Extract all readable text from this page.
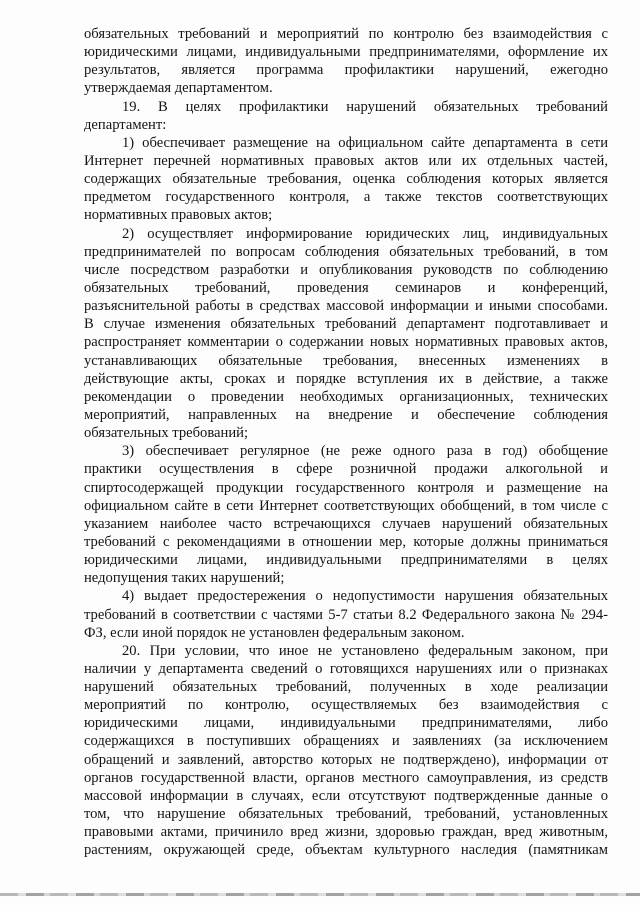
обязательных требований и мероприятий по контролю без взаимодействия с
юридическими лицами, индивидуальными предпринимателями, оформление их
результатов, является программа профилактики нарушений, ежегодно
утверждаемая департаментом.
19. В целях профилактики нарушений обязательных требований
департамент:
1) обеспечивает размещение на официальном сайте департамента в сети
Интернет перечней нормативных правовых актов или их отдельных частей,
содержащих обязательные требования, оценка соблюдения которых является
предметом государственного контроля, а также текстов соответствующих
нормативных правовых актов;
2) осуществляет информирование юридических лиц, индивидуальных
предпринимателей по вопросам соблюдения обязательных требований, в том
числе посредством разработки и опубликования руководств по соблюдению
обязательных требований, проведения семинаров и конференций,
разъяснительной работы в средствах массовой информации и иными способами.
В случае изменения обязательных требований департамент подготавливает и
распространяет комментарии о содержании новых нормативных правовых актов,
устанавливающих обязательные требования, внесенных изменениях в
действующие акты, сроках и порядке вступления их в действие, а также
рекомендации о проведении необходимых организационных, технических
мероприятий, направленных на внедрение и обеспечение соблюдения
обязательных требований;
3) обеспечивает регулярное (не реже одного раза в год) обобщение
практики осуществления в сфере розничной продажи алкогольной и
спиртосодержащей продукции государственного контроля и размещение на
официальном сайте в сети Интернет соответствующих обобщений, в том числе с
указанием наиболее часто встречающихся случаев нарушений обязательных
требований с рекомендациями в отношении мер, которые должны приниматься
юридическими лицами, индивидуальными предпринимателями в целях
недопущения таких нарушений;
4) выдает предостережения о недопустимости нарушения обязательных
требований в соответствии с частями 5-7 статьи 8.2 Федерального закона № 294-
ФЗ, если иной порядок не установлен федеральным законом.
20. При условии, что иное не установлено федеральным законом, при
наличии у департамента сведений о готовящихся нарушениях или о признаках
нарушений обязательных требований, полученных в ходе реализации
мероприятий по контролю, осуществляемых без взаимодействия с
юридическими лицами, индивидуальными предпринимателями, либо
содержащихся в поступивших обращениях и заявлениях (за исключением
обращений и заявлений, авторство которых не подтверждено), информации от
органов государственной власти, органов местного самоуправления, из средств
массовой информации в случаях, если отсутствуют подтвержденные данные о
том, что нарушение обязательных требований, требований, установленных
правовыми актами, причинило вред жизни, здоровью граждан, вред животным,
растениям, окружающей среде, объектам культурного наследия (памятникам
